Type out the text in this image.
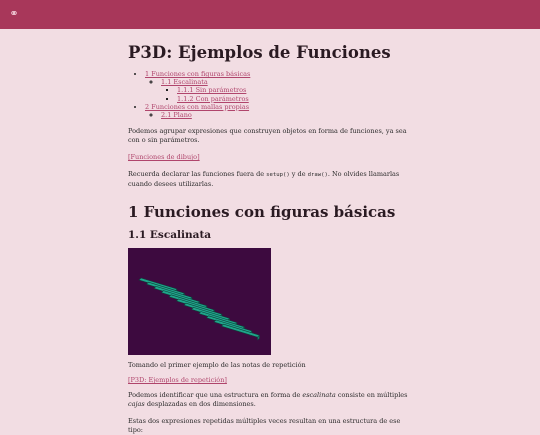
⚭
P3D: Ejemplos de Funciones
• 1 Funciones con figuras básicas
◦ 1.1 Escalinata
▪ 1.1.1 Sin parámetros
▪ 1.1.2 Con parámetros
• 2 Funciones con mallas propias
◦ 2.1 Plano

Podemos agrupar expresiones que construyen objetos en forma de funciones, ya sea con o sin parámetros.

[Funciones de dibujo]

Recuerda declarar las funciones fuera de setup() y de draw(). No olvides llamarlas cuando desees utilizarlas.

1 Funciones con figuras básicas
1.1 Escalinata

Tomando el primer ejemplo de las notas de repetición

[P3D: Ejemplos de repetición]

Podemos identificar que una estructura en forma de escalinata consiste en múltiples cajas desplazadas en dos dimensiones.

Estas dos expresiones repetidas múltiples veces resultan en una estructura de ese tipo:
